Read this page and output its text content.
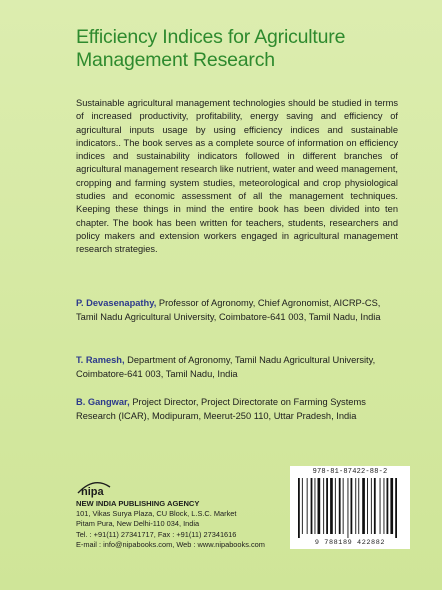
Efficiency Indices for Agriculture
Management Research
Sustainable agricultural management technologies should be studied in terms of increased productivity, profitability, energy saving and efficiency of agricultural inputs usage by using efficiency indices and sustainable indicators.. The book serves as a complete source of information on efficiency indices and sustainability indicators followed in different branches of agricultural management research like nutrient, water and weed management, cropping and farming system studies, meteorological and crop physiological studies and economic assessment of all the management techniques. Keeping these things in mind the entire book has been divided into ten chapter. The book has been written for teachers, students, researchers and policy makers and extension workers engaged in agricultural management research strategies.
P. Devasenapathy, Professor of Agronomy, Chief Agronomist, AICRP-CS, Tamil Nadu Agricultural University, Coimbatore-641 003, Tamil Nadu, India
T. Ramesh, Department of Agronomy, Tamil Nadu Agricultural University, Coimbatore-641 003, Tamil Nadu, India
B. Gangwar, Project Director, Project Directorate on Farming Systems Research (ICAR), Modipuram, Meerut-250 110, Uttar Pradesh, India
nipa
NEW INDIA PUBLISHING AGENCY
101, Vikas Surya Plaza, CU Block, L.S.C. Market
Pitam Pura, New Delhi-110 034, India
Tel. : +91(11) 27341717, Fax : +91(11) 27341616
E-mail : info@nipabooks.com, Web : www.nipabooks.com
978-81-87422-88-2
9 788189 422882
